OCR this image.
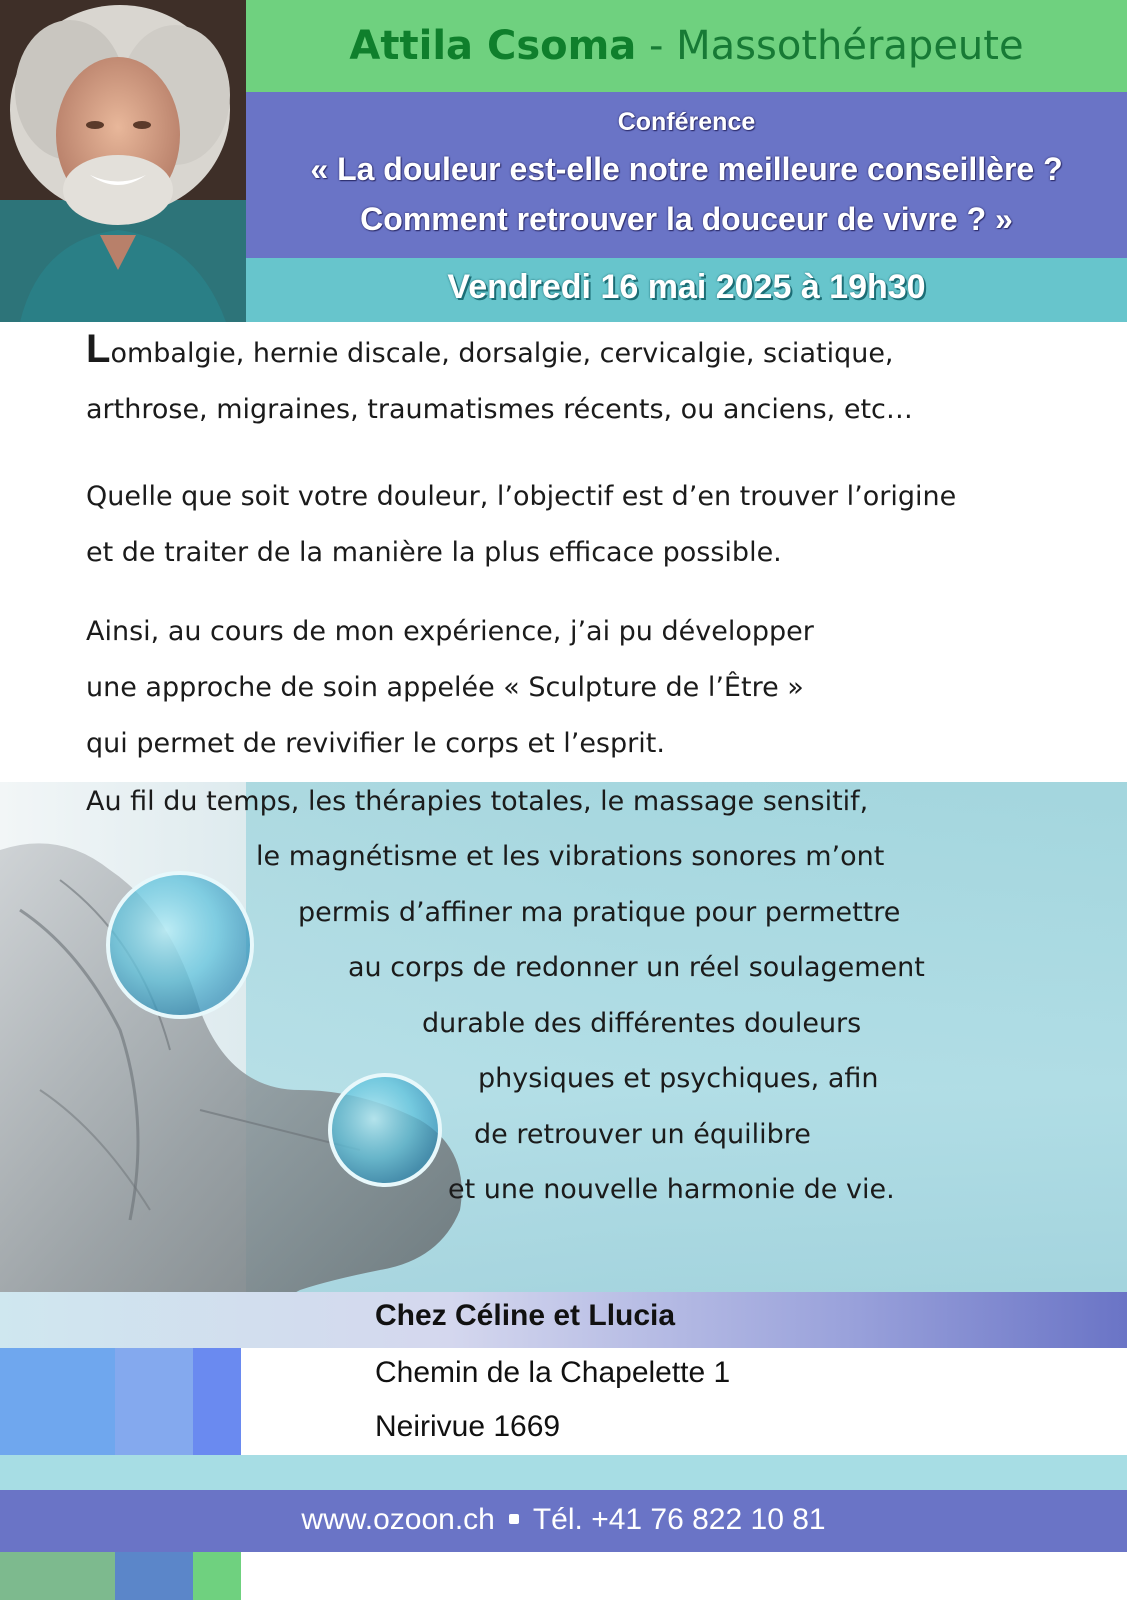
Attila Csoma - Massothérapeute
Conférence
« La douleur est-elle notre meilleure conseillère ?
Comment retrouver la douceur de vivre ? »
Vendredi 16 mai 2025 à 19h30
Lombalgie, hernie discale, dorsalgie, cervicalgie, sciatique,
arthrose, migraines, traumatismes récents, ou anciens, etc…
Quelle que soit votre douleur, l’objectif est d’en trouver l’origine
et de traiter de la manière la plus efficace possible.
Ainsi, au cours de mon expérience, j’ai pu développer
une approche de soin appelée « Sculpture de l’Être »
qui permet de revivifier le corps et l’esprit.
Au fil du temps, les thérapies totales, le massage sensitif,
le magnétisme et les vibrations sonores m’ont
permis d’affiner ma pratique pour permettre
au corps de redonner un réel soulagement
durable des différentes douleurs
physiques et psychiques, afin
de retrouver un équilibre
et une nouvelle harmonie de vie.
Chez Céline et Llucia
Chemin de la Chapelette 1
Neirivue 1669
www.ozoon.ch Tél. +41 76 822 10 81
